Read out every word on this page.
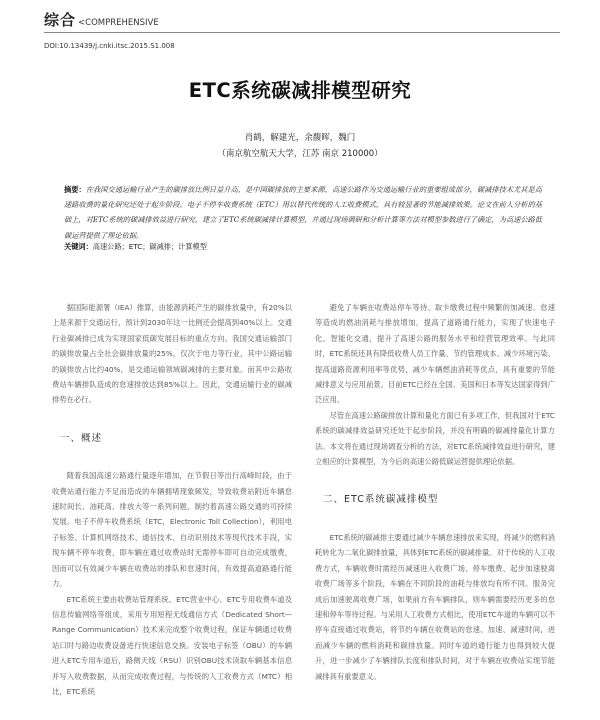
综合 <COMPREHENSIVE
DOI:10.13439/j.cnki.itsc.2015.S1.008
ETC系统碳减排模型研究
肖鹤，解建光，余馥晖，魏门
（南京航空航天大学，江苏 南京 210000）
摘要：在我国交通运输行业产生的碳排放比例日益升高，是中国碳排放的主要来源，高速公路作为交通运输行业的重要组成部分，碳减排技术尤其是高速路收费的量化研究还处于起步阶段。电子不停车收费系统（ETC）用以替代传统的人工收费模式，具有较显著的节能减排效果。论文在前人分析的基础上，对ETC系统的碳减排效益进行研究，建立了ETC系统碳减排计算模型，并通过现场调研和分析计算等方法对模型参数进行了确定，为高速公路低碳运营提供了理论依据。
关键词：高速公路；ETC；碳减排；计算模型

据国际能源署（IEA）推算，由能源消耗产生的碳排放量中，有20%以上是来源于交通运行，预计到2030年这一比例还会提高到40%以上。交通行业碳减排已成为实现国家低碳发展目标的重点方向。我国交通运输部门的碳排放量占全社会碳排放量的25%，仅次于电力等行业，其中公路运输的碳排放占比约40%，是交通运输领域碳减排的主要对象。而其中公路收费站车辆排队造成的怠速排放达到85%以上。因此，交通运输行业的碳减排势在必行。

一、概述

随着我国高速公路通行量逐年增加，在节假日等出行高峰时段，由于收费站通行能力不足而造成的车辆拥堵现象频发，导致收费站附近车辆怠速时间长、油耗高、排放大等一系列问题，制约着高速公路交通的可持续发展。电子不停车收费系统（ETC，Electronic Toll Collection），利用电子标签、计算机网络技术、通信技术、自动识别技术等现代技术手段，实现车辆不停车收费，即车辆在通过收费站时无需停车即可自动完成缴费，因而可以有效减少车辆在收费站的排队和怠速时间，有效提高道路通行能力。

ETC系统主要由收费站管理系统、ETC营业中心、ETC专用收费车道及信息传输网络等组成，采用专用短程无线通信方式（Dedicated Short—Range Communication）技术来完成整个收费过程，保证车辆通过收费站口时与路边收费设备进行快速信息交换。安装电子标签（OBU）的车辆进入ETC专用车道后，路侧天线（RSU）识别OBU技术读取车辆基本信息并写入收费数据，从而完成收费过程，与传统的人工收费方式（MTC）相比，ETC系统

避免了车辆在收费站停车等待、取卡缴费过程中频繁的加减速、怠速等造成的燃油消耗与排放增加，提高了道路通行能力，实现了快速电子化、智能化交通，提升了高速公路的服务水平和经营管理效率。与此同时，ETC系统还具有降低收费人员工作量、节约管理成本、减少环境污染、提高道路资源利用率等优势，减少车辆燃油消耗等优点，具有重要的节能减排意义与应用前景。目前ETC已经在全国、美国和日本等发达国家得到广泛应用。

尽管在高速公路碳排放计算和量化方面已有多项工作，但我国对于ETC系统的碳减排效益研究还处于起步阶段，并没有明确的碳减排量化计算方法。本文将在通过现场调查分析的方法，对ETC系统减排效益进行研究，建立相应的计算模型，为今后的高速公路低碳运营提供理论依据。

二、ETC系统碳减排模型

ETC系统的碳减排主要通过减少车辆怠速排放来实现，将减少的燃料消耗转化为二氧化碳排放量，具体到ETC系统的碳减排量。对于传统的人工收费方式，车辆收费时需经历减速进入收费广场、停车缴费、起步加速驶离收费广场等多个阶段，车辆在不同阶段的油耗与排放均有所不同。服务完成后加速驶离收费广场，如果前方有车辆排队，则车辆需要经历更多的怠速和停车等待过程。与采用人工收费方式相比，使用ETC车道的车辆可以不停车直接通过收费站，将节约车辆在收费站的怠速、加速、减速时间，进而减少车辆的燃料消耗和碳排放量。同时车道的通行能力也得到较大提升，进一步减少了车辆排队长度和排队时间，对于车辆在收费站实现节能减排具有重要意义。
